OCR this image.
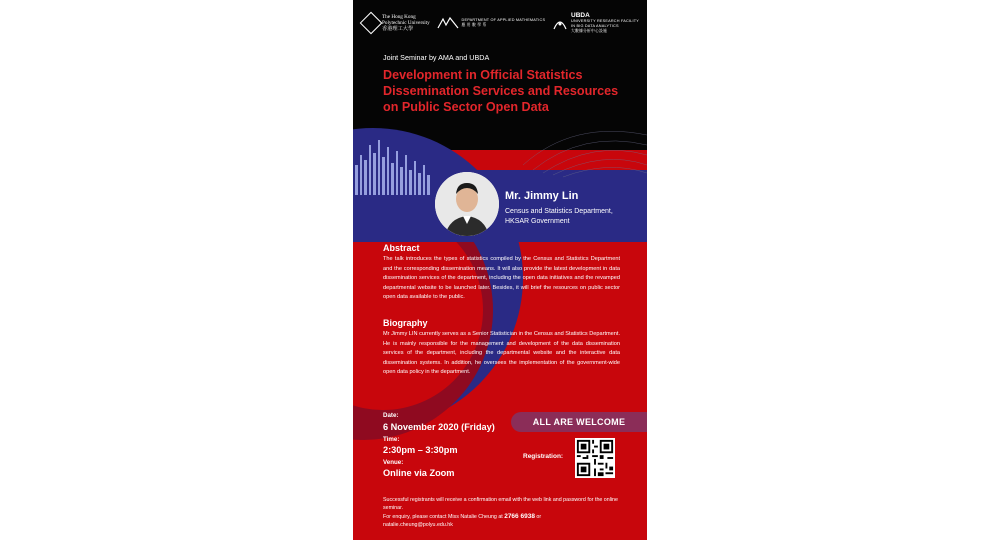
The Hong Kong
Polytechnic University
香港理工大學
DEPARTMENT OF APPLIED MATHEMATICS
應 用 數 學 系
UBDA
UNIVERSITY RESEARCH FACILITY
IN BIG DATA ANALYTICS
大數據分析中心設施
Joint Seminar by AMA and UBDA
Development in Official Statistics
Dissemination Services and Resources
on Public Sector Open Data
Mr. Jimmy Lin
Census and Statistics Department,
HKSAR Government
Abstract
The talk introduces the types of statistics compiled by the Census and Statistics Department and the corresponding dissemination means. It will also provide the latest development in data dissemination services of the department, including the open data initiatives and the revamped departmental website to be launched later. Besides, it will brief the resources on public sector open data available to the public.
Biography
Mr Jimmy LIN currently serves as a Senior Statistician in the Census and Statistics Department. He is mainly responsible for the management and development of the data dissemination services of the department, including the departmental website and the interactive data dissemination systems. In addition, he oversees the implementation of the government-wide open data policy in the department.
Date:
6 November 2020 (Friday)
Time:
2:30pm – 3:30pm
Venue:
Online via Zoom
ALL ARE WELCOME
Registration:
Successful registrants will receive a confirmation email with the web link and password for the online seminar.
For enquiry, please contact Miss Natalie Cheung at 2766 6938 or
natalie.cheung@polyu.edu.hk
